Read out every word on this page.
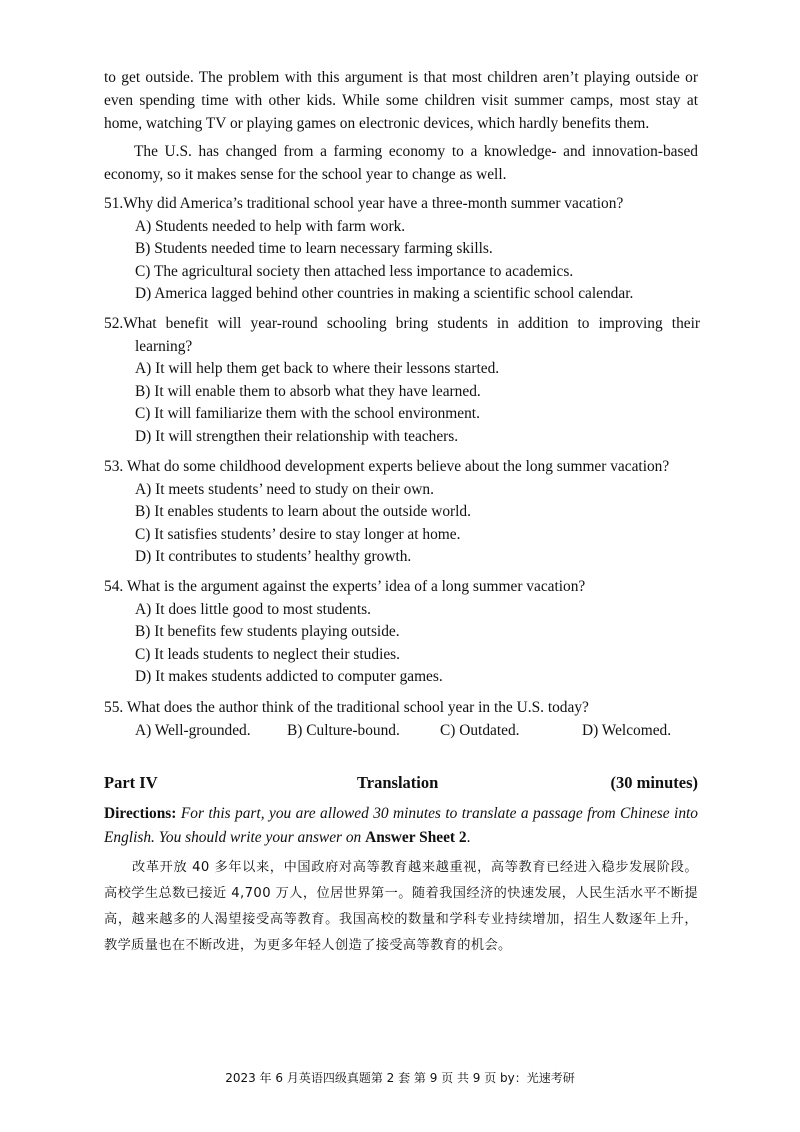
to get outside. The problem with this argument is that most children aren’t playing outside or even spending time with other kids. While some children visit summer camps, most stay at home, watching TV or playing games on electronic devices, which hardly benefits them.

The U.S. has changed from a farming economy to a knowledge- and innovation-based economy, so it makes sense for the school year to change as well.

51.Why did America’s traditional school year have a three-month summer vacation?

A) Students needed to help with farm work.

B) Students needed time to learn necessary farming skills.

C) The agricultural society then attached less importance to academics.

D) America lagged behind other countries in making a scientific school calendar.

52.What benefit will year-round schooling bring students in addition to improving their learning?

A) It will help them get back to where their lessons started.

B) It will enable them to absorb what they have learned.

C) It will familiarize them with the school environment.

D) It will strengthen their relationship with teachers.

53. What do some childhood development experts believe about the long summer vacation?

A) It meets students’ need to study on their own.

B) It enables students to learn about the outside world.

C) It satisfies students’ desire to stay longer at home.

D) It contributes to students’ healthy growth.

54. What is the argument against the experts’ idea of a long summer vacation?

A) It does little good to most students.

B) It benefits few students playing outside.

C) It leads students to neglect their studies.

D) It makes students addicted to computer games.

55. What does the author think of the traditional school year in the U.S. today?

A) Well-grounded.	B) Culture-bound.	C) Outdated.	D) Welcomed.
Part IV	Translation	(30 minutes)

Directions: For this part, you are allowed 30 minutes to translate a passage from Chinese into English. You should write your answer on Answer Sheet 2.

改革开放 40 多年以来，中国政府对高等教育越来越重视，高等教育已经进入稳步发展阶段。高校学生总数已接近 4,700 万人，位居世界第一。随着我国经济的快速发展，人民生活水平不断提高，越来越多的人渴望接受高等教育。我国高校的数量和学科专业持续增加，招生人数逐年上升，教学质量也在不断改进，为更多年轻人创造了接受高等教育的机会。

2023 年 6 月英语四级真题第 2 套 第 9 页 共 9 页 by：光速考研
